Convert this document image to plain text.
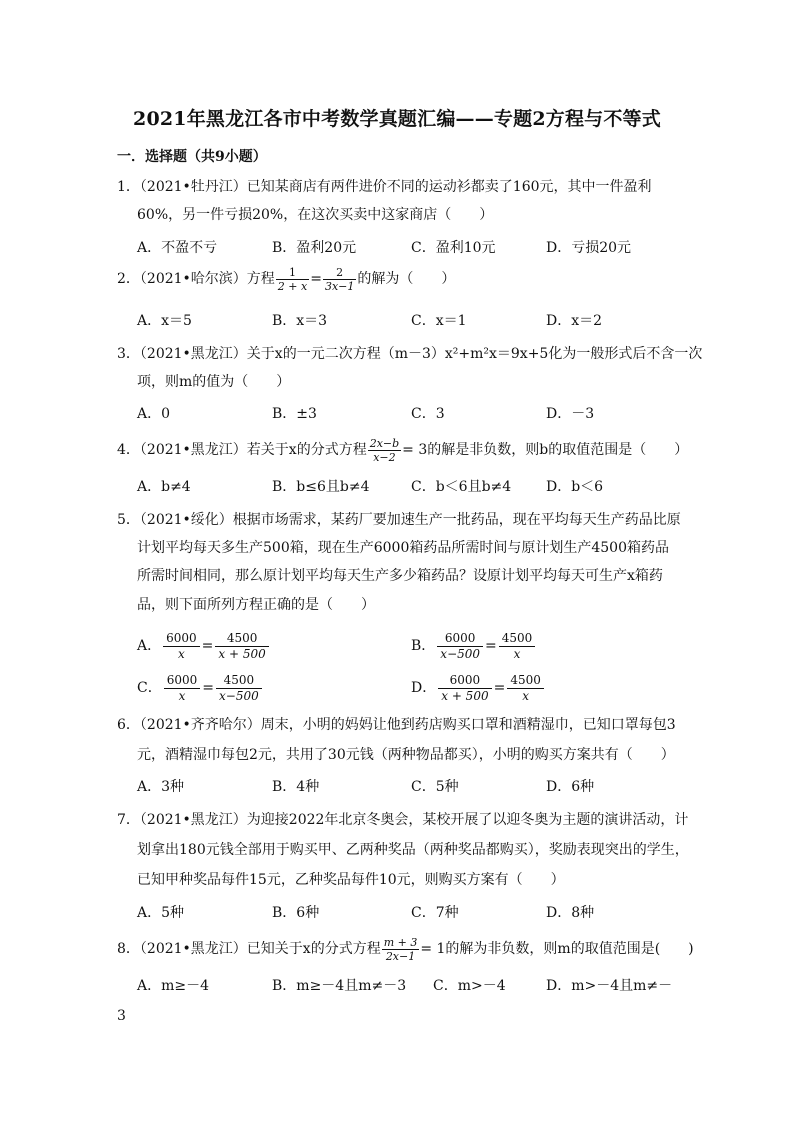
2021年黑龙江各市中考数学真题汇编——专题2方程与不等式
一．选择题（共9小题）
1．（2021•牡丹江）已知某商店有两件进价不同的运动衫都卖了160元，其中一件盈利
60%，另一件亏损20%，在这次买卖中这家商店（　　）
A．不盈不亏	B．盈利20元	C．盈利10元	D．亏损20元
2．（2021•哈尔滨）方程 $\frac{1}{2 + x} = \frac{2}{3x-1}$ 的解为（　　）
A．x＝5	B．x＝3	C．x＝1	D．x＝2
3．（2021•黑龙江）关于x的一元二次方程（m－3）x²+m²x＝9x+5化为一般形式后不含一次
项，则m的值为（　　）
A．0	B．±3	C．3	D．－3
4．（2021•黑龙江）若关于x的分式方程 $\frac{2x-b}{x-2} = 3$的解是非负数，则b的取值范围是（　　）
A．b≠4	B．b≤6且b≠4	C．b＜6且b≠4 D．b＜6
5．（2021•绥化）根据市场需求，某药厂要加速生产一批药品，现在平均每天生产药品比原
计划平均每天多生产500箱，现在生产6000箱药品所需时间与原计划生产4500箱药品
所需时间相同，那么原计划平均每天生产多少箱药品？设原计划平均每天可生产x箱药
品，则下面所列方程正确的是（　　）
A． $\frac{6000}{x} = \frac{4500}{x + 500}$	B． $\frac{6000}{x-500} = \frac{4500}{x}$
C． $\frac{6000}{x} = \frac{4500}{x-500}$	D． $\frac{6000}{x + 500} = \frac{4500}{x}$
6．（2021•齐齐哈尔）周末，小明的妈妈让他到药店购买口罩和酒精湿巾，已知口罩每包3
元，酒精湿巾每包2元，共用了30元钱（两种物品都买），小明的购买方案共有（　　）
A．3种	B．4种	C．5种	D．6种
7．（2021•黑龙江）为迎接2022年北京冬奥会，某校开展了以迎冬奥为主题的演讲活动，计
划拿出180元钱全部用于购买甲、乙两种奖品（两种奖品都购买），奖励表现突出的学生，
已知甲种奖品每件15元，乙种奖品每件10元，则购买方案有（　　）
A．5种	B．6种	C．7种	D．8种
8．（2021•黑龙江）已知关于x的分式方程 $\frac{m + 3}{2x-1} = 1$的解为非负数，则m的取值范围是(　　)
A．m≥－4	B．m≥－4且m≠－3 C．m>－4	D．m>－4且m≠－
3
